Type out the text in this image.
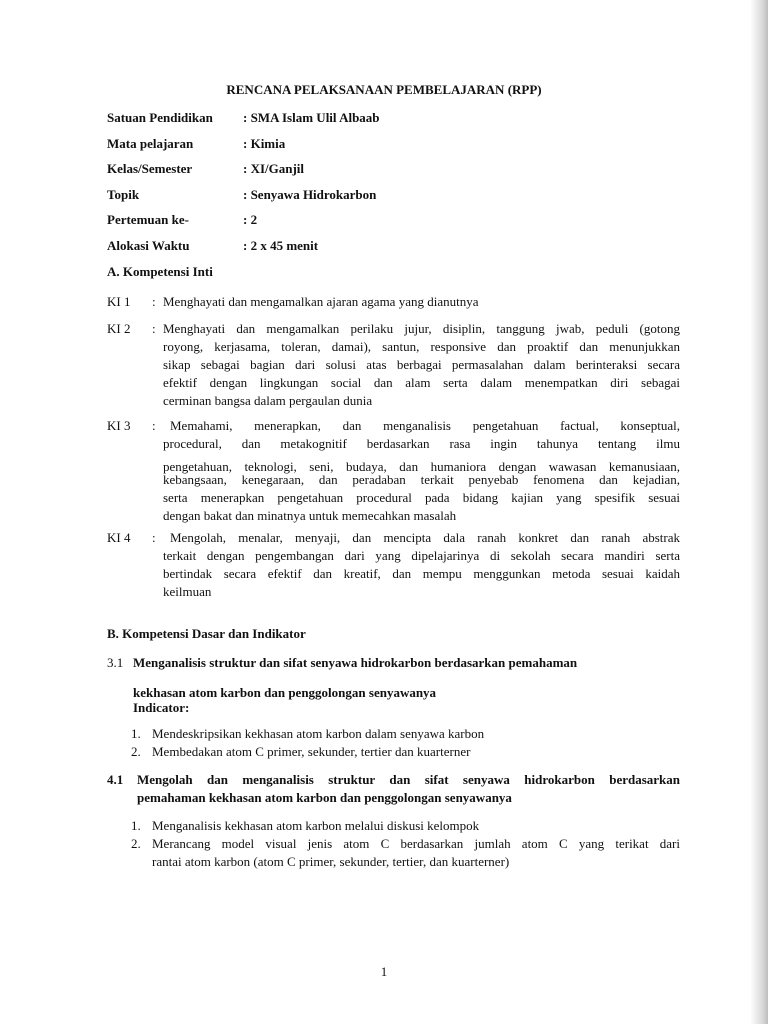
RENCANA PELAKSANAAN PEMBELAJARAN (RPP)
Satuan Pendidikan : SMA Islam Ulil Albaab
Mata pelajaran	: Kimia
Kelas/Semester	: XI/Ganjil
Topik	: Senyawa Hidrokarbon
Pertemuan ke-	: 2
Alokasi Waktu	: 2 x 45 menit
A. Kompetensi Inti
KI 1 : Menghayati dan mengamalkan ajaran agama yang dianutnya
KI 2 : Menghayati dan mengamalkan perilaku jujur, disiplin, tanggung jwab, peduli (gotong
royong, kerjasama, toleran, damai), santun, responsive dan proaktif dan menunjukkan
sikap sebagai bagian dari solusi atas berbagai permasalahan dalam berinteraksi secara
efektif dengan lingkungan social dan alam serta dalam menempatkan diri sebagai
cerminan bangsa dalam pergaulan dunia
KI 3 : Memahami, menerapkan, dan menganalisis pengetahuan factual, konseptual,
procedural, dan metakognitif berdasarkan rasa ingin tahunya tentang ilmu
pengetahuan, teknologi, seni, budaya, dan humaniora dengan wawasan kemanusiaan,
kebangsaan, kenegaraan, dan peradaban terkait penyebab fenomena dan kejadian,
serta menerapkan pengetahuan procedural pada bidang kajian yang spesifik sesuai
dengan bakat dan minatnya untuk memecahkan masalah
KI 4 : Mengolah, menalar, menyaji, dan mencipta dala ranah konkret dan ranah abstrak
terkait dengan pengembangan dari yang dipelajarinya di sekolah secara mandiri serta
bertindak secara efektif dan kreatif, dan mempu menggunkan metoda sesuai kaidah
keilmuan
B. Kompetensi Dasar dan Indikator
3.1 Menganalisis struktur dan sifat senyawa hidrokarbon berdasarkan pemahaman
kekhasan atom karbon dan penggolongan senyawanya
Indicator:
1. Mendeskripsikan kekhasan atom karbon dalam senyawa karbon
2. Membedakan atom C primer, sekunder, tertier dan kuarterner
4.1 Mengolah dan menganalisis struktur dan sifat senyawa hidrokarbon berdasarkan
pemahaman kekhasan atom karbon dan penggolongan senyawanya
1. Menganalisis kekhasan atom karbon melalui diskusi kelompok
2. Merancang model visual jenis atom C berdasarkan jumlah atom C yang terikat dari
rantai atom karbon (atom C primer, sekunder, tertier, dan kuarterner)
1
